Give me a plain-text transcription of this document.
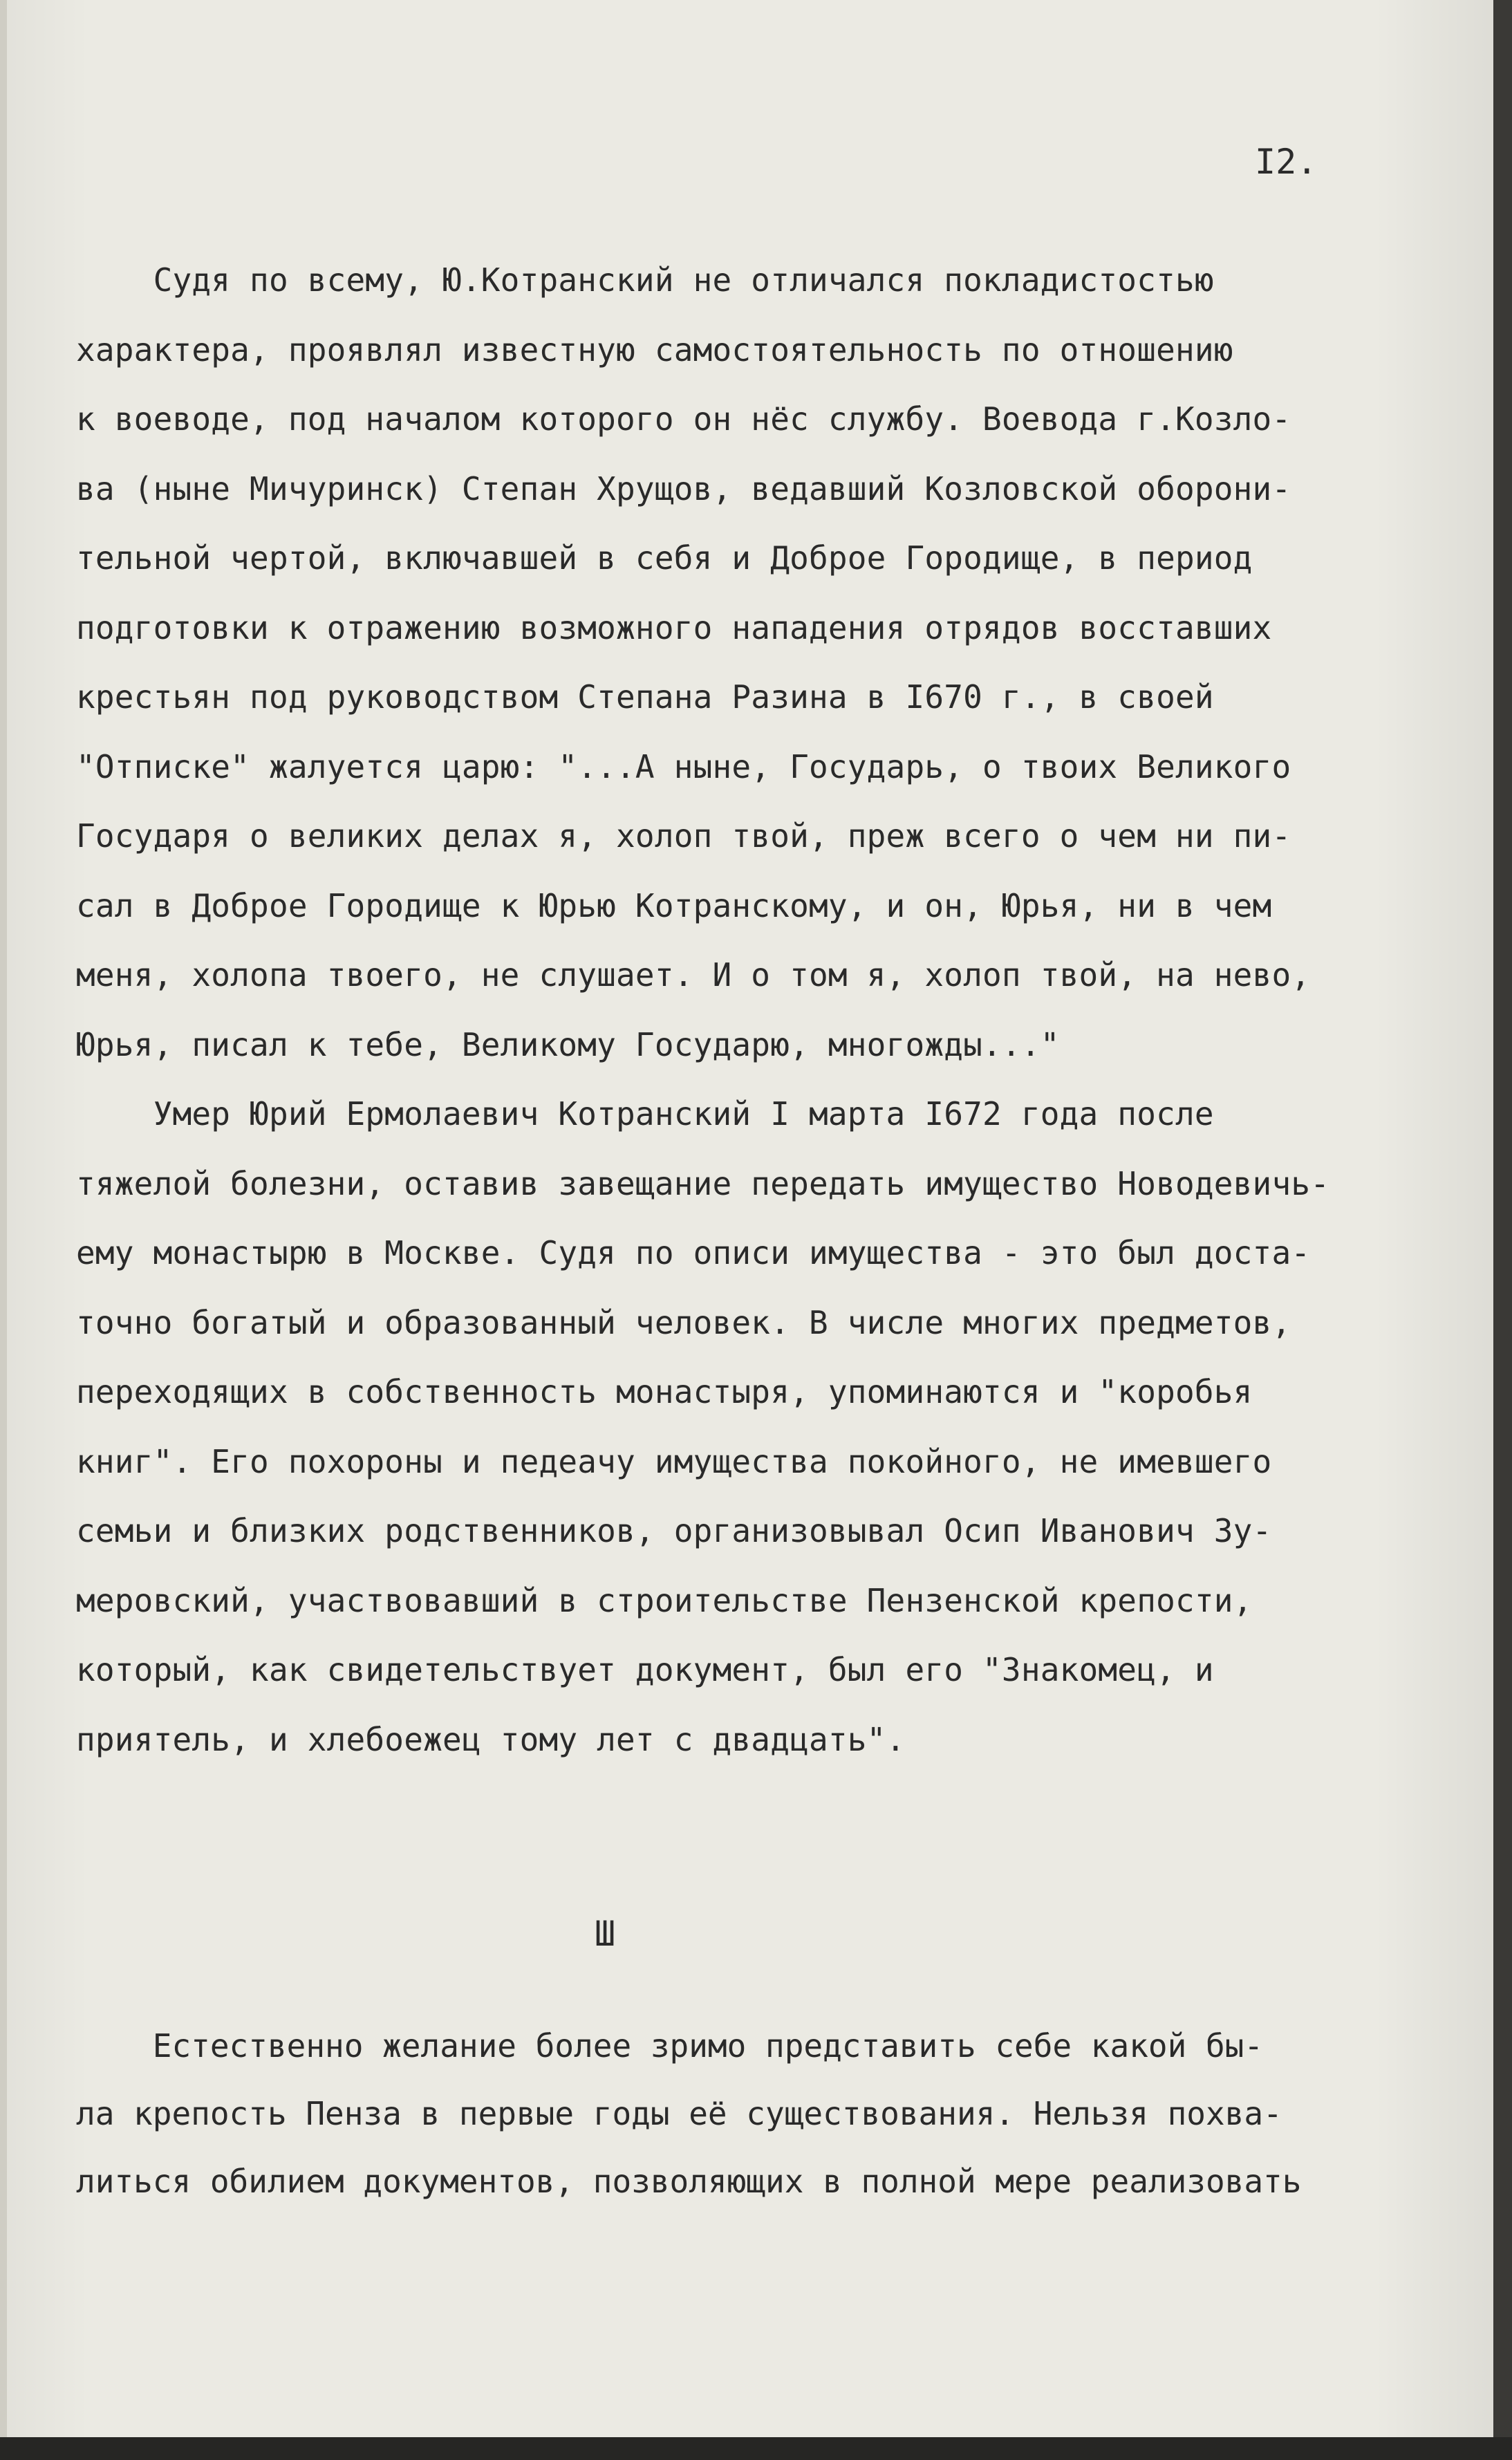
I2.
Судя по всему, Ю.Котранский не отличался покладистостью
характера, проявлял известную самостоятельность по отношению
к воеводе, под началом которого он нёс службу. Воевода г.Козло-
ва (ныне Мичуринск) Степан Хрущов, ведавший Козловской оборони-
тельной чертой, включавшей в себя и Доброе Городище, в период
подготовки к отражению возможного нападения отрядов восставших
крестьян под руководством Степана Разина в I670 г., в своей
"Отписке" жалуется царю: "...А ныне, Государь, о твоих Великого
Государя о великих делах я, холоп твой, преж всего о чем ни пи-
сал в Доброе Городище к Юрью Котранскому, и он, Юрья, ни в чем
меня, холопа твоего, не слушает. И о том я, холоп твой, на нево,
Юрья, писал к тебе, Великому Государю, многожды..."
Умер Юрий Ермолаевич Котранский I марта I672 года после
тяжелой болезни, оставив завещание передать имущество Новодевичь-
ему монастырю в Москве. Судя по описи имущества - это был доста-
точно богатый и образованный человек. В числе многих предметов,
переходящих в собственность монастыря, упоминаются и "коробья
книг". Его похороны и педеачу имущества покойного, не имевшего
семьи и близких родственников, организовывал Осип Иванович Зу-
меровский, участвовавший в строительстве Пензенской крепости,
который, как свидетельствует документ, был его "Знакомец, и
приятель, и хлебоежец тому лет с двадцать".
Ш
Естественно желание более зримо представить себе какой бы-
ла крепость Пенза в первые годы её существования. Нельзя похва-
литься обилием документов, позволяющих в полной мере реализовать
